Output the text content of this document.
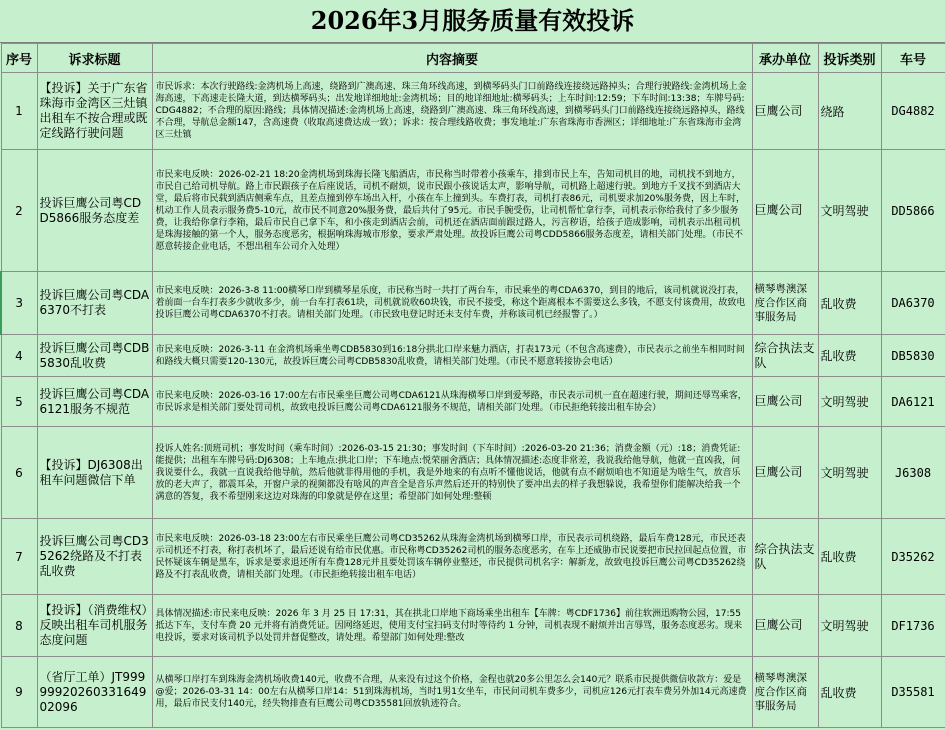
2026年3月服务质量有效投诉
序号	诉求标题	内容摘要	承办单位	投诉类别	车号
1	【投诉】关于广东省珠海市金湾区三灶镇出租车不按合理或既定线路行驶问题	市民诉求：本次行驶路线:金湾机场上高速，绕路到广澳高速、珠三角环线高速，到横琴码头门口前路线连接绕远路掉头；合理行驶路线:金湾机场上金海高速，下高速走长隆大道，到达横琴码头；出发地详细地址:金湾机场；目的地详细地址:横琴码头；上车时间:12:59；下车时间:13:38；车牌号码:CDG4882；不合理的原因:路线；具体情况描述:金湾机场上高速，绕路到广澳高速、珠三角环线高速，到横琴码头门口前路线连接绕远路掉头，路线不合理，导航总金额147，含高速费（收取高速费达成一致）；诉求：按合理线路收费；事发地址:广东省珠海市香洲区；详细地址:广东省珠海市金湾区三灶镇	巨鹰公司	绕路	DG4882
2	投诉巨鹰公司粤CDD5866服务态度差	市民来电反映：2026-02-21 18:20金湾机场到珠海长隆飞船酒店，市民称当时带着小孩乘车，排到市民上车，告知司机目的地，司机找不到地方，市民自己给司机导航。路上市民跟孩子在后座说话，司机不耐烦，说市民跟小孩说话太声，影响导航，司机路上超速行驶。到地方千叉找不到酒店大堂，最后将市民载到酒店侧乘车点，且差点撞到停车场出入杆，小孩在车上撞到头。车费打表，司机打表86元，司机要求加20%服务费，因上车时，机动工作人员表示服务费5-10元，故市民不同意20%服务费，最后共付了95元。市民手腕受伤，让司机帮忙拿行李，司机表示你给我付了多少服务费，让我给你拿行李箱，最后市民自己拿下车，和小孩走到酒店会前，司机还在酒店面前跟过路人，污言秽语，给孩子造成影响，司机表示出租司机是珠海接触的第一个人，服务态度恶劣，根据响珠海城市形象，要求严肃处理。故投诉巨鹰公司粤CDD5866服务态度差，请相关部门处理。（市民不愿意转接企业电话，不想出租车公司介入处理）	巨鹰公司	文明驾驶	DD5866
3	投诉巨鹰公司粤CDA6370不打表	市民来电反映：2026-3-8 11:00横琴口岸到横琴星乐度，市民称当时一共打了两台车，市民乘坐的粤CDA6370，到目的地后，该司机就说没打表，着前面一台车打表多少就收多少，前一台车打表61块，司机就说收60块钱，市民不接受，称这个距离根本不需要这么多钱，不愿支付该费用，故致电投诉巨鹰公司粤CDA6370不打表。请相关部门处理。（市民致电登记时还未支付车费，并称该司机已经报警了。）	横琴粤澳深度合作区商事服务局	乱收费	DA6370
4	投诉巨鹰公司粤CDB5830乱收费	市民来电反映：2026-3-11 在金湾机场乘坐粤CDB5830到16:18分拱北口岸来魅力酒店，打表173元（不包含高速费），市民表示之前坐车相同时间和路线大概只需要120-130元，故投诉巨鹰公司粤CDB5830乱收费，请相关部门处理。（市民不愿意转接协会电话）	综合执法支队	乱收费	DB5830
5	投诉巨鹰公司粤CDA6121服务不规范	市民来电反映：2026-03-16 17:00左右市民乘坐巨鹰公司粤CDA6121从珠海横琴口岸到爱琴路，市民表示司机一直在超速行驶，期间还辱骂乘客，市民诉求是相关部门要处罚司机，故致电投诉巨鹰公司粤CDA6121服务不规范，请相关部门处理。（市民拒绝转接出租车协会）	巨鹰公司	文明驾驶	DA6121
6	【投诉】DJ6308出租车问题微信下单	投诉人姓名:顶班司机；事发时间（乘车时间）:2026-03-15 21:30；事发时间（下车时间）:2026-03-20 21:36；消费金额（元）:18；消费凭证:能提供；出租车车牌号码:DJ6308；上车地点:拱北口岸；下车地点:悦荣丽舍酒店；具体情况描述:态度非常差，我说我给他导航，他就一直凶我，问我说要什么，我就一直说我给他导航，然后他就非得用他的手机，我是外地来的有点听不懂他说话，他就有点不耐烦咱也不知道是为啥生气，放音乐放的老大声了，都震耳朵，开窗户录的视频都没有啥风的声音全是音乐声然后还开的特别快了要冲出去的样子我想躲说，我希望你们能解决给我一个满意的答复，我不希望刚来这边对珠海的印象就是停在这里；希望部门如何处理:整顿	巨鹰公司	文明驾驶	J6308
7	投诉巨鹰公司粤CD35262绕路及不打表乱收费	市民来电反映：2026-03-18 23:00左右市民乘坐巨鹰公司粤CD35262从珠海金湾机场到横琴口岸，市民表示司机绕路，最后车费128元，市民还表示司机还不打表，称打表机坏了，最后还说有给市民优惠。市民称粤CD35262司机的服务态度恶劣，在车上还威胁市民说要把市民拉回起点位置，市民怀疑该车辆是黑车，诉求是要求退还所有车费128元并且要处罚该车辆停业整还，市民提供司机名字：解新龙，故致电投诉巨鹰公司粤CD35262绕路及不打表乱收费，请相关部门处理。（市民拒绝转接出租车电话）	综合执法支队	乱收费	D35262
8	【投诉】（消费维权）反映出租车司机服务态度问题	具体情况描述:市民来电反映：2026 年 3 月 25 日 17:31，其在拱北口岸地下商场乘坐出租车【车牌：粤CDF1736】前往软洲迅购物公园，17:55 抵达下车，支付车费 20 元并将有消费凭证。因网络延迟，使用支付宝扫码支付时等待约 1 分钟，司机表现不耐烦并出言辱骂，服务态度恶劣。现来电投诉，要求对该司机予以处罚并督促整改，请处理。希望部门如何处理:整改	巨鹰公司	文明驾驶	DF1736
9	（省厅工单）JT9999992026033164902096	从横琴口岸打车到珠海金湾机场收费140元，收费不合理，从来没有过这个价格，金程也就20多公里怎么会140元？联系市民提供微信收款方：爱是@爱；2026-03-31 14：00左右从横琴口岸14：51到珠海机场，当时1男1女坐车，市民问司机车费多少，司机应126元打表车费另外加14元高速费用，最后市民支付140元，经失物排查有巨鹰公司粤CD35581回放轨迹符合。	横琴粤澳深度合作区商事服务局	乱收费	D35581
